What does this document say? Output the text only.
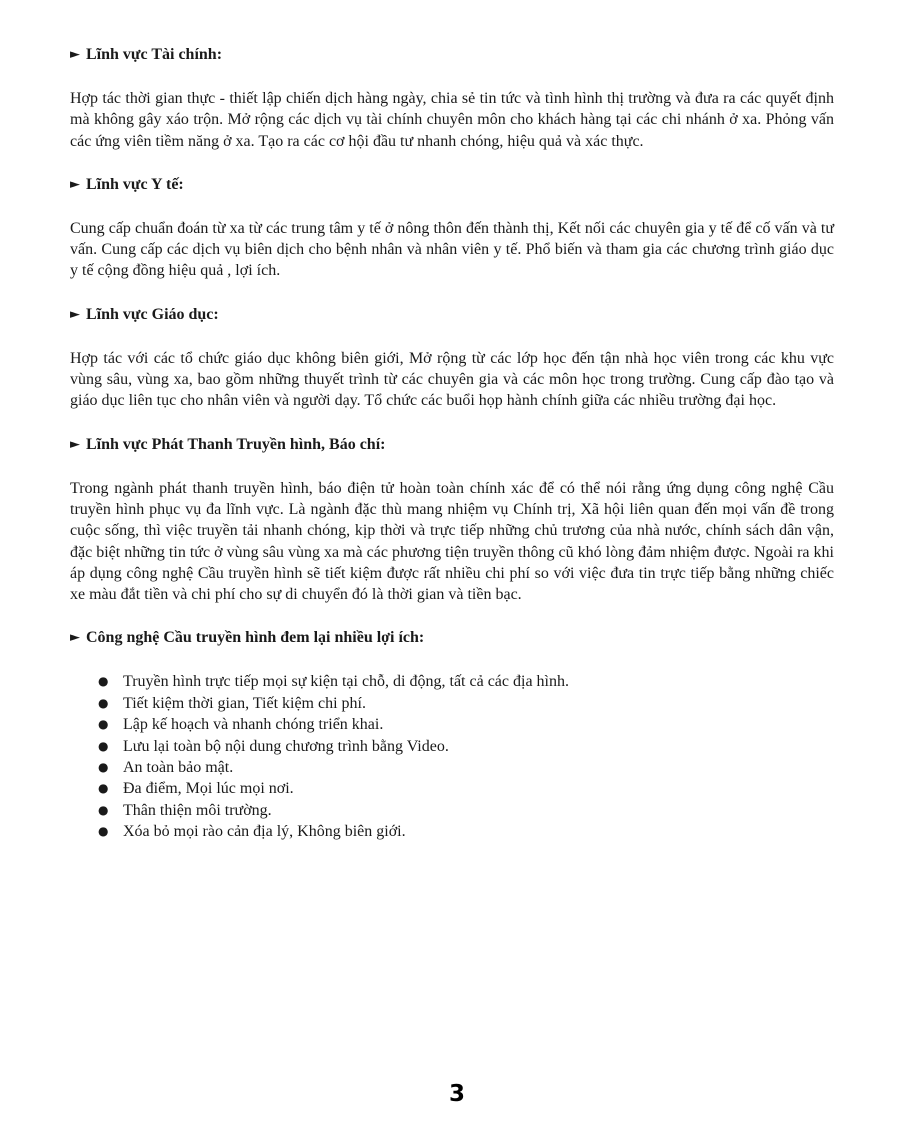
► Lĩnh vực Tài chính:
Hợp tác thời gian thực - thiết lập chiến dịch hàng ngày, chia sẻ tin tức và tình hình thị trường và đưa ra các quyết định mà không gây xáo trộn. Mở rộng các dịch vụ tài chính chuyên môn cho khách hàng tại các chi nhánh ở xa. Phỏng vấn các ứng viên tiềm năng ở xa. Tạo ra các cơ hội đầu tư nhanh chóng, hiệu quả và xác thực.
► Lĩnh vực Y tế:
Cung cấp chuẩn đoán từ xa từ các trung tâm y tế ở nông thôn đến thành thị, Kết nối các chuyên gia y tế để cố vấn và tư vấn. Cung cấp các dịch vụ biên dịch cho bệnh nhân và nhân viên y tế. Phổ biến và tham gia các chương trình giáo dục y tế cộng đồng hiệu quả , lợi ích.
► Lĩnh vực Giáo dục:
Hợp tác với các tổ chức giáo dục không biên giới, Mở rộng từ các lớp học đến tận nhà học viên trong các khu vực vùng sâu, vùng xa, bao gồm những thuyết trình từ các chuyên gia và các môn học trong trường. Cung cấp đào tạo và giáo dục liên tục cho nhân viên và người dạy. Tổ chức các buổi họp hành chính giữa các nhiều trường đại học.
► Lĩnh vực Phát Thanh Truyền hình, Báo chí:
Trong ngành phát thanh truyền hình, báo điện tử hoàn toàn chính xác để có thể nói rằng ứng dụng công nghệ Cầu truyền hình phục vụ đa lĩnh vực. Là ngành đặc thù mang nhiệm vụ Chính trị, Xã hội liên quan đến mọi vấn đề trong cuộc sống, thì việc truyền tải nhanh chóng, kịp thời và trực tiếp những chủ trương của nhà nước, chính sách dân vận, đặc biệt những tin tức ở vùng sâu vùng xa mà các phương tiện truyền thông cũ khó lòng đảm nhiệm được. Ngoài ra khi áp dụng công nghệ Cầu truyền hình sẽ tiết kiệm được rất nhiều chi phí so với việc đưa tin trực tiếp bằng những chiếc xe màu đắt tiền và chi phí cho sự di chuyển đó là thời gian và tiền bạc.
► Công nghệ Cầu truyền hình đem lại nhiều lợi ích:
● Truyền hình trực tiếp mọi sự kiện tại chỗ, di động, tất cả các địa hình.
● Tiết kiệm thời gian, Tiết kiệm chi phí.
● Lập kế hoạch và nhanh chóng triển khai.
● Lưu lại toàn bộ nội dung chương trình bằng Video.
● An toàn bảo mật.
● Đa điểm, Mọi lúc mọi nơi.
● Thân thiện môi trường.
● Xóa bỏ mọi rào cản địa lý, Không biên giới.
3
